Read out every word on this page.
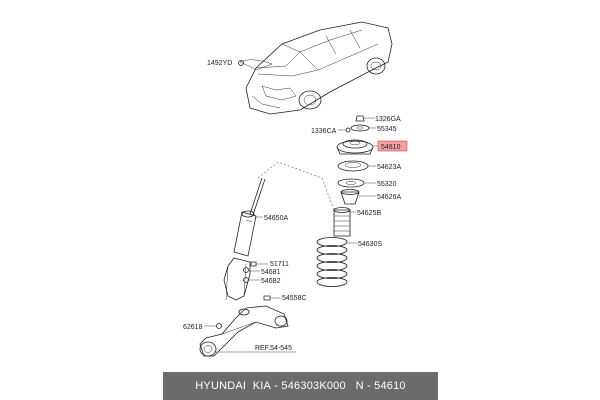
1492YD
1326GA
55345
1336CA
54610
54623A
55320
54626A
54625B
54630S
54650A
51711
54681
54682
54558C
62618
REF.54-545
HYUNDAI  KIA - 546303K000 N - 54610
